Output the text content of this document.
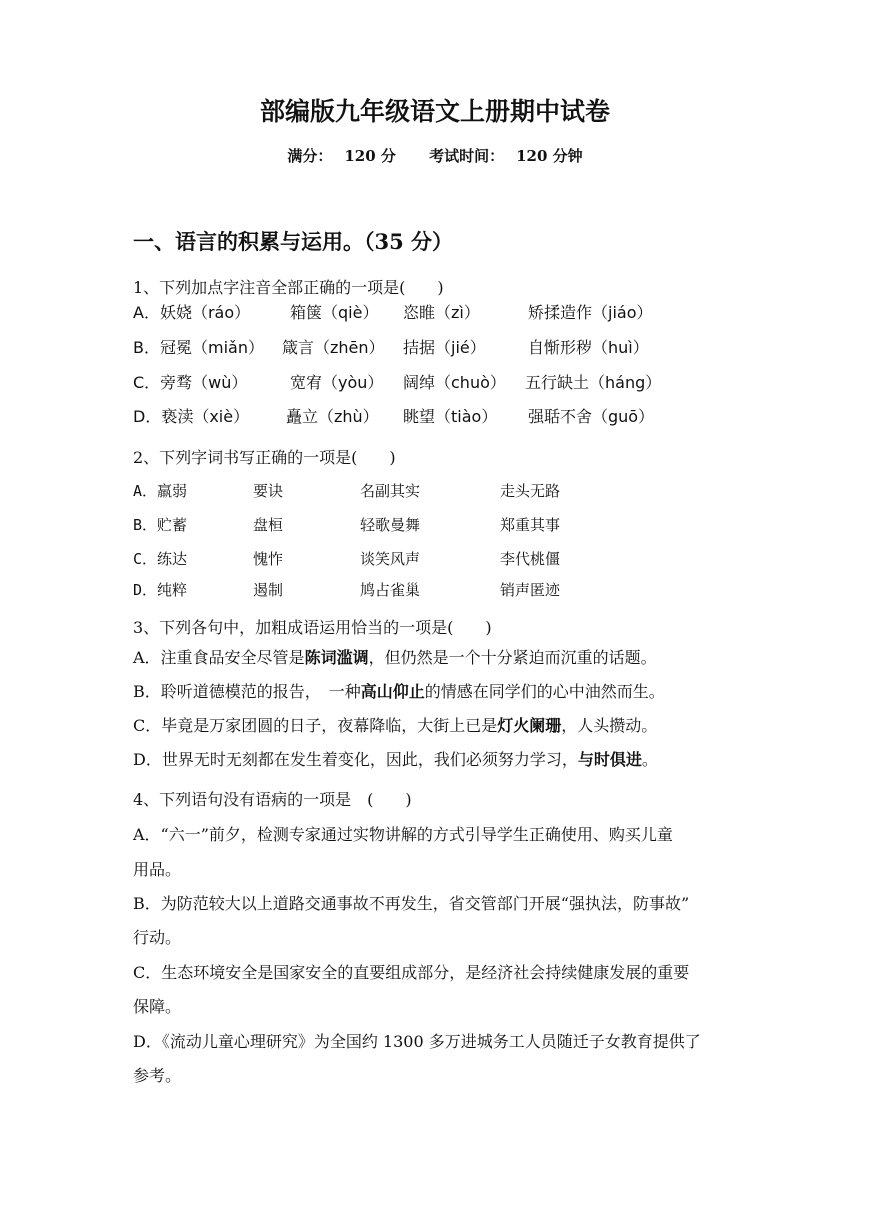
部编版九年级语文上册期中试卷
满分： 120 分 考试时间： 120 分钟
一、语言的积累与运用。（35 分）
1、下列加点字注音全部正确的一项是(　　)
A．妖娆（ráo） 箱箧（qiè） 恣睢（zì）	矫揉造作（jiáo）
B．冠冕（miǎn） 箴言（zhēn） 拮据（jié）	自惭形秽（huì）
C．旁骛（wù）	宽宥（yòu） 阔绰（chuò） 五行缺土（háng）
D．亵渎（xiè） 矗立（zhù） 眺望（tiào） 强聒不舍（guō）
2、下列字词书写正确的一项是(　　)
A．羸弱	要诀	名副其实	走头无路
B．贮蓄	盘桓	轻歌曼舞	郑重其事
C．练达	愧怍	谈笑风声	李代桃僵
D．纯粹	遏制	鸠占雀巢	销声匿迹
3、下列各句中，加粗成语运用恰当的一项是(　　)
A．注重食品安全尽管是陈词滥调，但仍然是一个十分紧迫而沉重的话题。
B．聆听道德模范的报告，　一种高山仰止的情感在同学们的心中油然而生。
C．毕竟是万家团圆的日子，夜幕降临，大街上已是灯火阑珊，人头攒动。
D．世界无时无刻都在发生着变化，因此，我们必须努力学习，与时俱进。
4、下列语句没有语病的一项是　(　　)
A．“六一”前夕，检测专家通过实物讲解的方式引导学生正确使用、购买儿童
用品。
B．为防范较大以上道路交通事故不再发生，省交管部门开展“强执法，防事故”
行动。
C．生态环境安全是国家安全的直要组成部分，是经济社会持续健康发展的重要
保障。
D．《流动儿童心理研究》为全国约 1300 多万进城务工人员随迁子女教育提供了
参考。
